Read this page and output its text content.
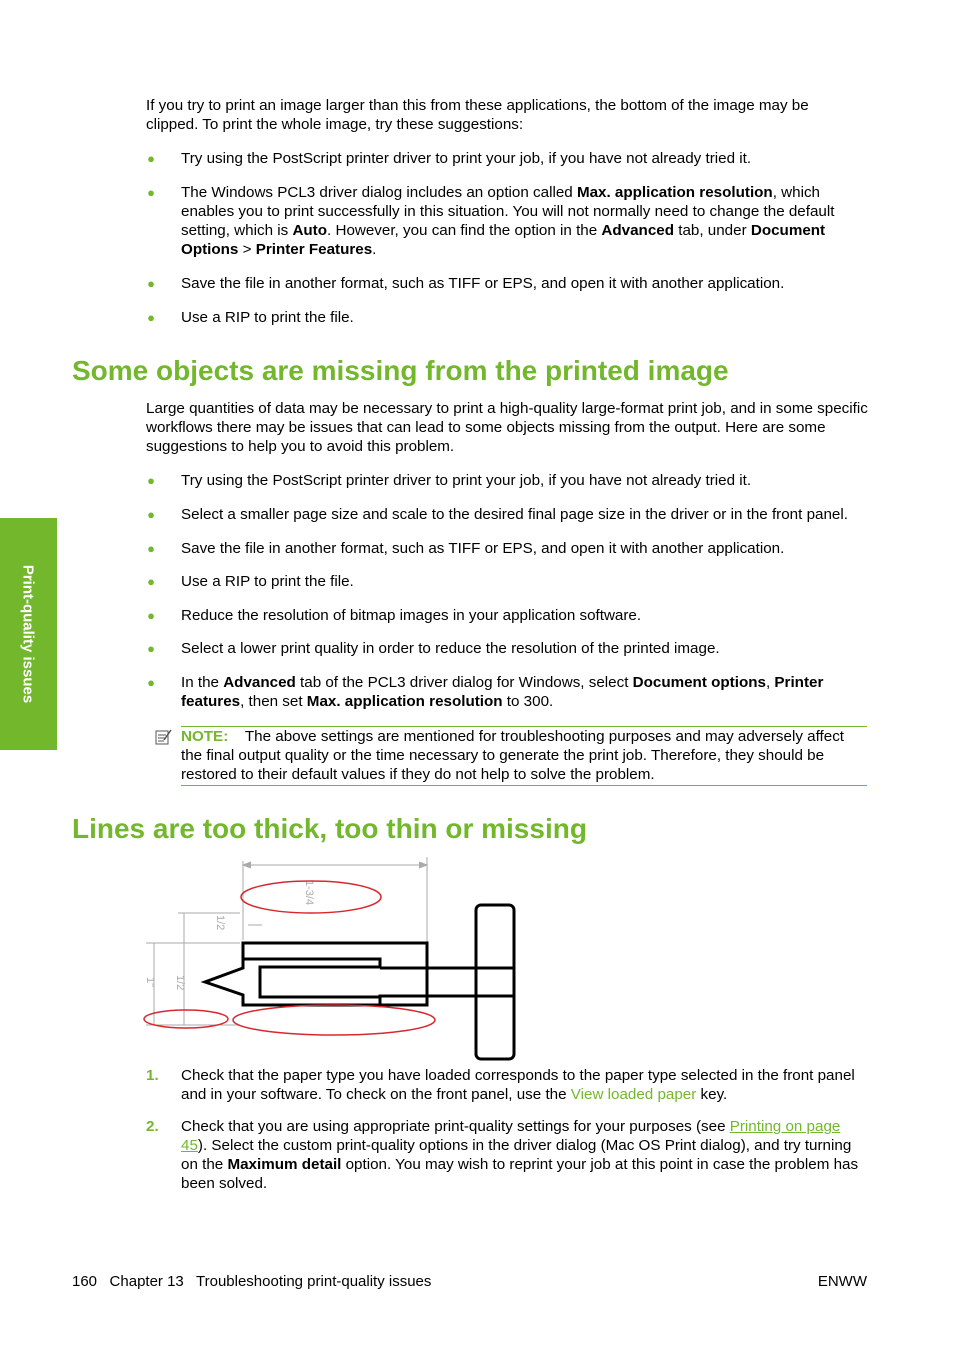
Print-quality issues

If you try to print an image larger than this from these applications, the bottom of the image may be
clipped. To print the whole image, try these suggestions:

●
Try using the PostScript printer driver to print your job, if you have not already tried it.
●
The Windows PCL3 driver dialog includes an option called Max. application resolution, which enables you to print successfully in this situation. You will not normally need to change the default setting, which is Auto. However, you can find the option in the Advanced tab, under Document Options > Printer Features.
●
Save the file in another format, such as TIFF or EPS, and open it with another application.
●
Use a RIP to print the file.
Some objects are missing from the printed image

Large quantities of data may be necessary to print a high-quality large-format print job, and in some specific workflows there may be issues that can lead to some objects missing from the output. Here are some suggestions to help you to avoid this problem.

●
Try using the PostScript printer driver to print your job, if you have not already tried it.
●
Select a smaller page size and scale to the desired final page size in the driver or in the front panel.
●
Save the file in another format, such as TIFF or EPS, and open it with another application.
●
Use a RIP to print the file.
●
Reduce the resolution of bitmap images in your application software.
●
Select a lower print quality in order to reduce the resolution of the printed image.
●
In the Advanced tab of the PCL3 driver dialog for Windows, select Document options, Printer features, then set Max. application resolution to 300.
NOTE: The above settings are mentioned for troubleshooting purposes and may adversely affect the final output quality or the time necessary to generate the print job. Therefore, they should be restored to their default values if they do not help to solve the problem.
Lines are too thick, too thin or missing
1-3/4
1/2
1/2
1"
1. Check that the paper type you have loaded corresponds to the paper type selected in the front panel and in your software. To check on the front panel, use the View loaded paper key.
2. Check that you are using appropriate print-quality settings for your purposes (see Printing on page 45). Select the custom print-quality options in the driver dialog (Mac OS Print dialog), and try turning on the Maximum detail option. You may wish to reprint your job at this point in case the problem has been solved.
160 Chapter 13 Troubleshooting print-quality issues	ENWW
